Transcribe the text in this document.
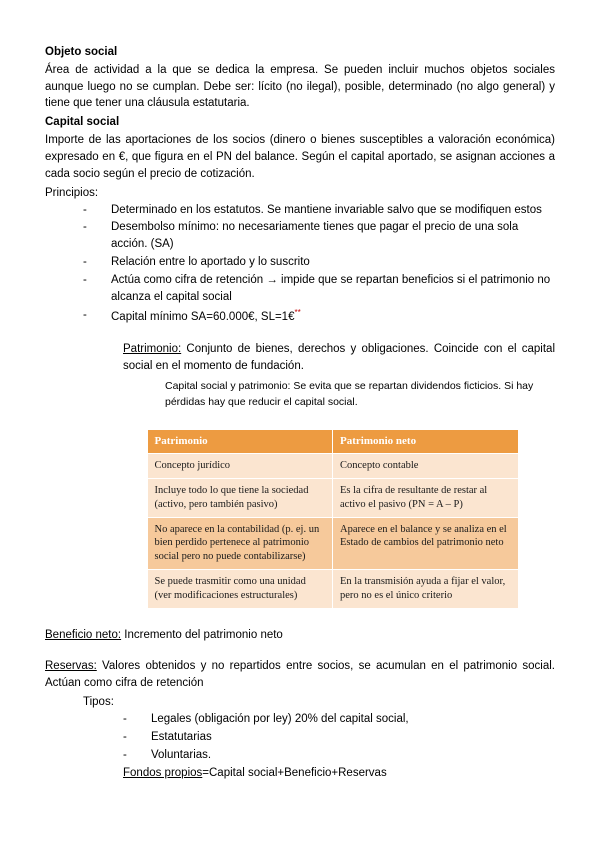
Objeto social

Área de actividad a la que se dedica la empresa. Se pueden incluir muchos objetos sociales aunque luego no se cumplan. Debe ser: lícito (no ilegal), posible, determinado (no algo general) y tiene que tener una cláusula estatutaria.

Capital social

Importe de las aportaciones de los socios (dinero o bienes susceptibles a valoración económica) expresado en €, que figura en el PN del balance. Según el capital aportado, se asignan acciones a cada socio según el precio de cotización.

Principios:

- Determinado en los estatutos. Se mantiene invariable salvo que se modifiquen estos
- Desembolso mínimo: no necesariamente tienes que pagar el precio de una sola acción. (SA)
- Relación entre lo aportado y lo suscrito
- Actúa como cifra de retención → impide que se repartan beneficios si el patrimonio no alcanza el capital social
- Capital mínimo SA=60.000€, SL=1€**
Patrimonio: Conjunto de bienes, derechos y obligaciones. Coincide con el capital social en el momento de fundación.
Capital social y patrimonio: Se evita que se repartan dividendos ficticios. Si hay pérdidas hay que reducir el capital social.
Patrimonio	Patrimonio neto
Concepto jurídico	Concepto contable
Incluye todo lo que tiene la sociedad (activo, pero también pasivo)	Es la cifra de resultante de restar al activo el pasivo (PN = A – P)
No aparece en la contabilidad (p. ej. un bien perdido pertenece al patrimonio social pero no puede contabilizarse)	Aparece en el balance y se analiza en el Estado de cambios del patrimonio neto
Se puede trasmitir como una unidad (ver modificaciones estructurales)	En la transmisión ayuda a fijar el valor, pero no es el único criterio

Beneficio neto: Incremento del patrimonio neto

Reservas: Valores obtenidos y no repartidos entre socios, se acumulan en el patrimonio social. Actúan como cifra de retención

Tipos:
- Legales (obligación por ley) 20% del capital social,
- Estatutarias
- Voluntarias.
Fondos propios=Capital social+Beneficio+Reservas
